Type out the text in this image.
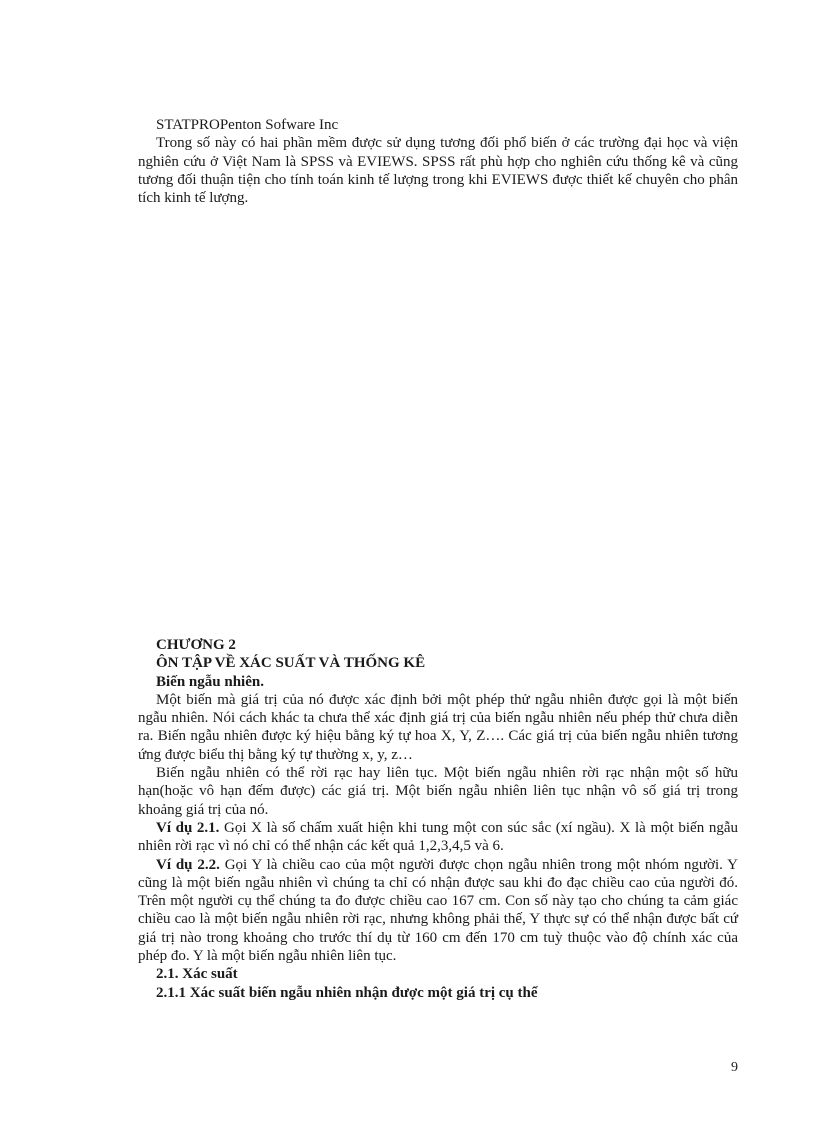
STATPROPenton Sofware Inc

Trong số này có hai phần mềm được sử dụng tương đối phổ biến ở các trường đại học và viện nghiên cứu ở Việt Nam là SPSS và EVIEWS. SPSS rất phù hợp cho nghiên cứu thống kê và cũng tương đối thuận tiện cho tính toán kinh tế lượng trong khi EVIEWS được thiết kế chuyên cho phân tích kinh tế lượng.

CHƯƠNG 2

ÔN TẬP VỀ XÁC SUẤT VÀ THỐNG KÊ

Biến ngẫu nhiên.

Một biến mà giá trị của nó được xác định bởi một phép thử ngẫu nhiên được gọi là một biến ngẫu nhiên. Nói cách khác ta chưa thể xác định giá trị của biến ngẫu nhiên nếu phép thử chưa diễn ra. Biến ngẫu nhiên được ký hiệu bằng ký tự hoa X, Y, Z…. Các giá trị của biến ngẫu nhiên tương ứng được biểu thị bằng ký tự thường x, y, z…

Biến ngẫu nhiên có thể rời rạc hay liên tục. Một biến ngẫu nhiên rời rạc nhận một số hữu hạn(hoặc vô hạn đếm được) các giá trị. Một biến ngẫu nhiên liên tục nhận vô số giá trị trong khoảng giá trị của nó.

Ví dụ 2.1. Gọi X là số chấm xuất hiện khi tung một con súc sắc (xí ngầu). X là một biến ngẫu nhiên rời rạc vì nó chỉ có thể nhận các kết quả 1,2,3,4,5 và 6.

Ví dụ 2.2. Gọi Y là chiều cao của một người được chọn ngẫu nhiên trong một nhóm người. Y cũng là một biến ngẫu nhiên vì chúng ta chỉ có nhận được sau khi đo đạc chiều cao của người đó. Trên một người cụ thể chúng ta đo được chiều cao 167 cm. Con số này tạo cho chúng ta cảm giác chiều cao là một biến ngẫu nhiên rời rạc, nhưng không phải thế, Y thực sự có thể nhận được bất cứ giá trị nào trong khoảng cho trước thí dụ từ 160 cm đến 170 cm tuỳ thuộc vào độ chính xác của phép đo. Y là một biến ngẫu nhiên liên tục.

2.1. Xác suất

2.1.1 Xác suất biến ngẫu nhiên nhận được một giá trị cụ thể

9
